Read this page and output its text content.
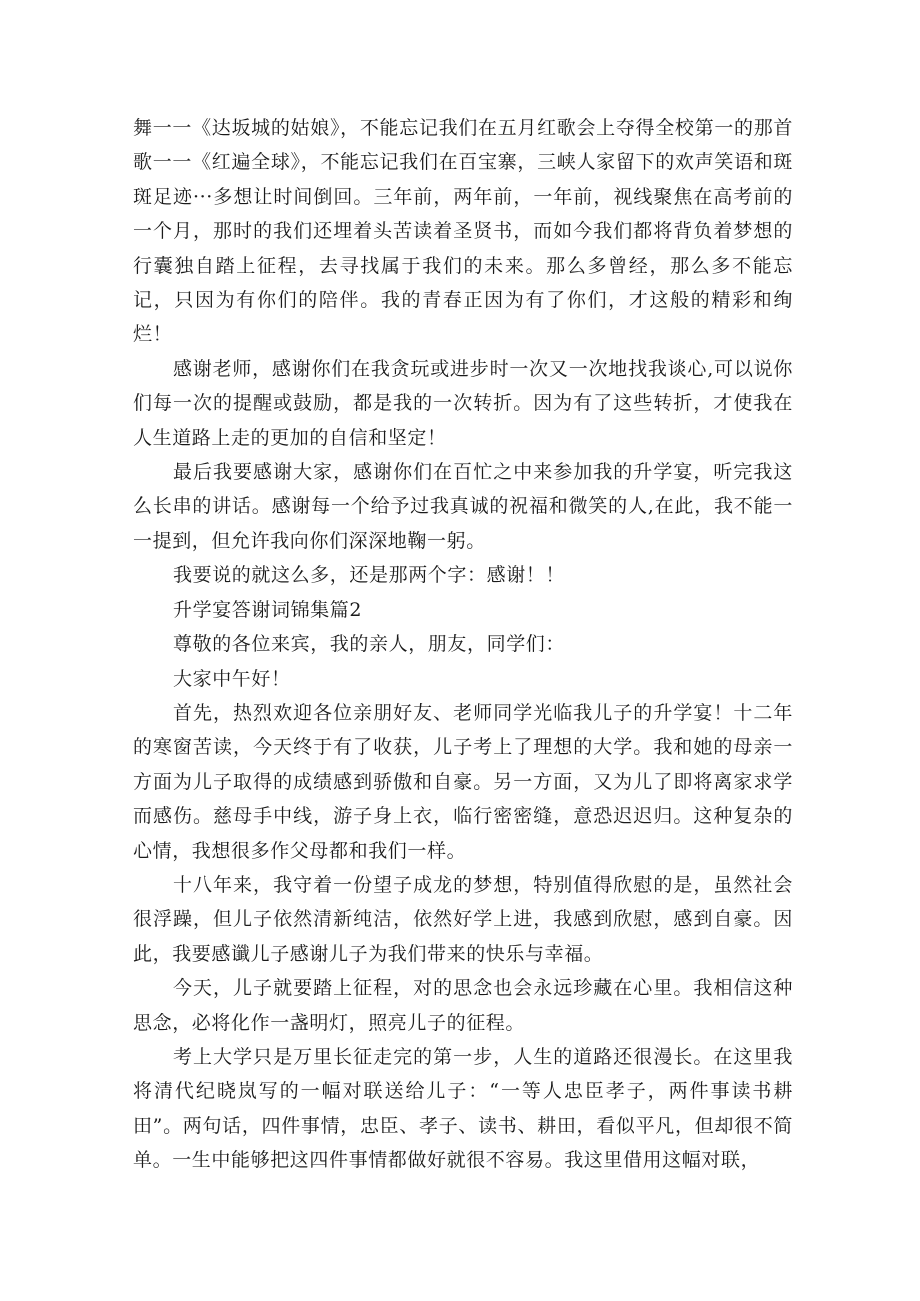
舞一一《达坂城的姑娘》，不能忘记我们在五月红歌会上夺得全校第一的那首歌一一《红遍全球》，不能忘记我们在百宝寨，三峡人家留下的欢声笑语和斑斑足迹···多想让时间倒回。三年前，两年前，一年前，视线聚焦在高考前的一个月，那时的我们还埋着头苦读着圣贤书，而如今我们都将背负着梦想的行囊独自踏上征程，去寻找属于我们的未来。那么多曾经，那么多不能忘记，只因为有你们的陪伴。我的青春正因为有了你们，才这般的精彩和绚烂！

感谢老师，感谢你们在我贪玩或进步时一次又一次地找我谈心,可以说你们每一次的提醒或鼓励，都是我的一次转折。因为有了这些转折，才使我在人生道路上走的更加的自信和坚定！

最后我要感谢大家，感谢你们在百忙之中来参加我的升学宴，听完我这么长串的讲话。感谢每一个给予过我真诚的祝福和微笑的人,在此，我不能一一提到，但允许我向你们深深地鞠一躬。

我要说的就这么多，还是那两个字：感谢！！

升学宴答谢词锦集篇2

尊敬的各位来宾，我的亲人，朋友，同学们：

大家中午好！

首先，热烈欢迎各位亲朋好友、老师同学光临我儿子的升学宴！十二年的寒窗苦读，今天终于有了收获，儿子考上了理想的大学。我和她的母亲一方面为儿子取得的成绩感到骄傲和自豪。另一方面，又为儿了即将离家求学而感伤。慈母手中线，游子身上衣，临行密密缝，意恐迟迟归。这种复杂的心情，我想很多作父母都和我们一样。

十八年来，我守着一份望子成龙的梦想，特别值得欣慰的是，虽然社会很浮躁，但儿子依然清新纯洁，依然好学上进，我感到欣慰，感到自豪。因此，我要感谶儿子感谢儿子为我们带来的快乐与幸福。

今天，儿子就要踏上征程，对的思念也会永远珍藏在心里。我相信这种思念，必将化作一盏明灯，照亮儿子的征程。

考上大学只是万里长征走完的第一步，人生的道路还很漫长。在这里我将清代纪晓岚写的一幅对联送给儿子：“一等人忠臣孝子，两件事读书耕田”。两句话，四件事情，忠臣、孝子、读书、耕田，看似平凡，但却很不简单。一生中能够把这四件事情都做好就很不容易。我这里借用这幅对联，
